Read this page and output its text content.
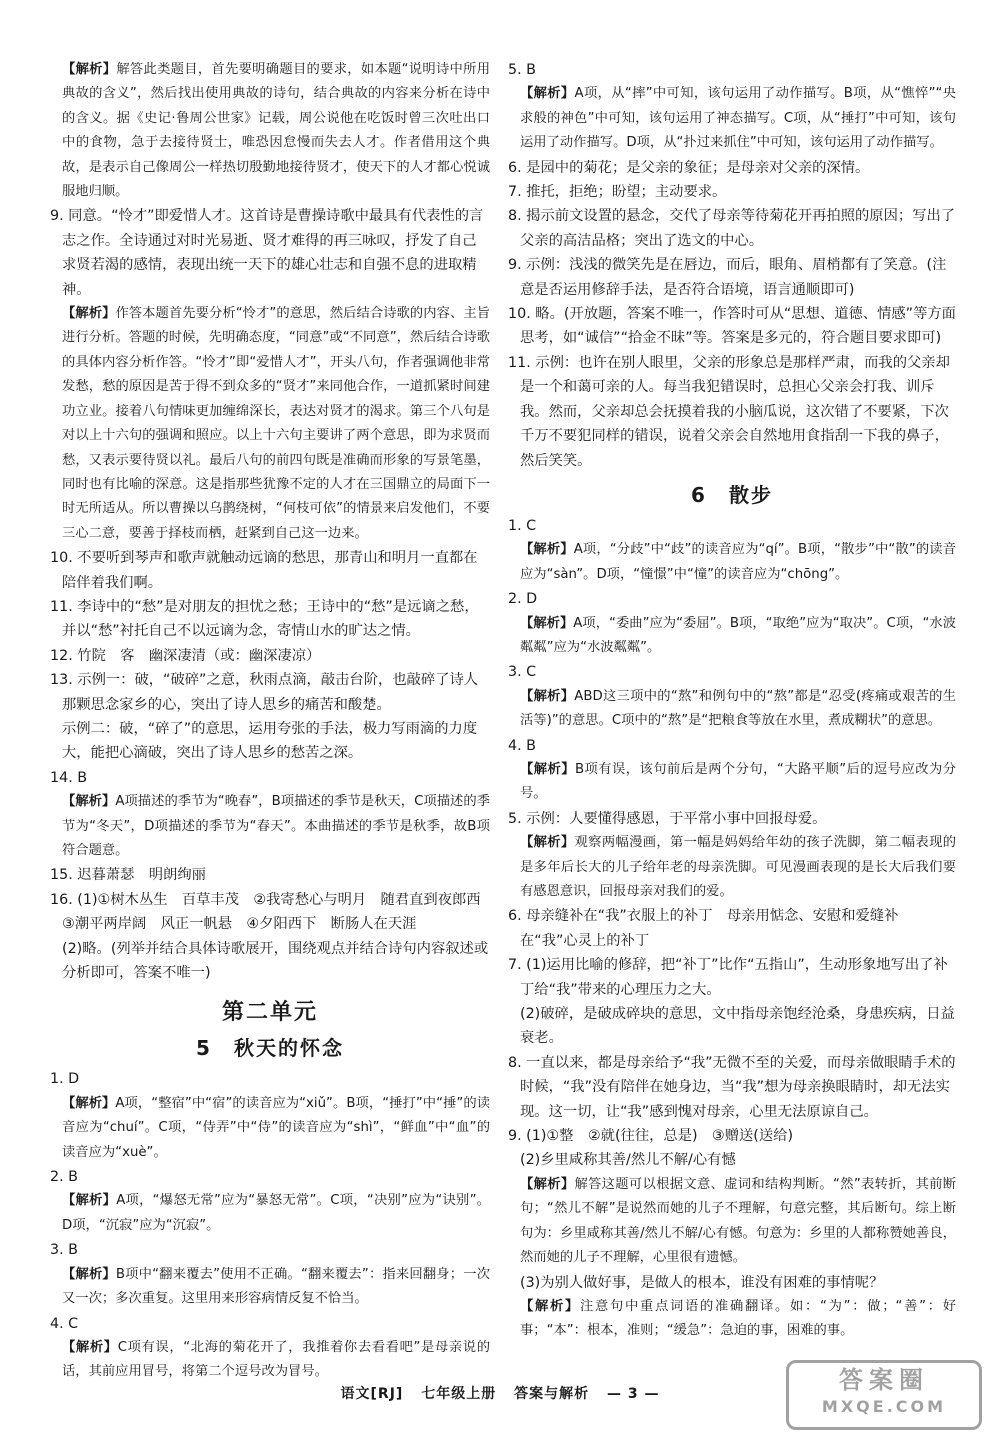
【解析】解答此类题目，首先要明确题目的要求，如本题“说明诗中所用典故的含义”，然后找出使用典故的诗句，结合典故的内容来分析在诗中的含义。据《史记·鲁周公世家》记载，周公说他在吃饭时曾三次吐出口中的食物，急于去接待贤士，唯恐因怠慢而失去人才。作者借用这个典故，是表示自己像周公一样热切殷勤地接待贤才，使天下的人才都心悦诚服地归顺。

9. 同意。“怜才”即爱惜人才。这首诗是曹操诗歌中最具有代表性的言志之作。全诗通过对时光易逝、贤才难得的再三咏叹，抒发了自己求贤若渴的感情，表现出统一天下的雄心壮志和自强不息的进取精神。

【解析】作答本题首先要分析“怜才”的意思，然后结合诗歌的内容、主旨进行分析。答题的时候，先明确态度，“同意”或“不同意”，然后结合诗歌的具体内容分析作答。“怜才”即“爱惜人才”，开头八句，作者强调他非常发愁，愁的原因是苦于得不到众多的“贤才”来同他合作，一道抓紧时间建功立业。接着八句情味更加缠绵深长，表达对贤才的渴求。第三个八句是对以上十六句的强调和照应。以上十六句主要讲了两个意思，即为求贤而愁，又表示要待贤以礼。最后八句的前四句既是准确而形象的写景笔墨，同时也有比喻的深意。这是指那些犹豫不定的人才在三国鼎立的局面下一时无所适从。所以曹操以乌鹊绕树，“何枝可依”的情景来启发他们，不要三心二意，要善于择枝而栖，赶紧到自己这一边来。

10. 不要听到琴声和歌声就触动远谪的愁思，那青山和明月一直都在陪伴着我们啊。

11. 李诗中的“愁”是对朋友的担忧之愁；王诗中的“愁”是远谪之愁，并以“愁”衬托自己不以远谪为念，寄情山水的旷达之情。

12. 竹院　客　幽深凄清（或：幽深凄凉）

13. 示例一：破，“破碎”之意，秋雨点滴，敲击台阶，也敲碎了诗人那颗思念家乡的心，突出了诗人思乡的痛苦和酸楚。

示例二：破，“碎了”的意思，运用夸张的手法，极力写雨滴的力度大，能把心滴破，突出了诗人思乡的愁苦之深。

14. B

【解析】A项描述的季节为“晚春”，B项描述的季节是秋天，C项描述的季节为“冬天”，D项描述的季节为“春天”。本曲描述的季节是秋季，故B项符合题意。

15. 迟暮萧瑟　明朗绚丽

16. (1)①树木丛生　百草丰茂　②我寄愁心与明月　随君直到夜郎西

③潮平两岸阔　风正一帆悬　④夕阳西下　断肠人在天涯

(2)略。(列举并结合具体诗歌展开，围绕观点并结合诗句内容叙述或分析即可，答案不唯一)

第二单元

5　秋天的怀念

1. D

【解析】A项，“整宿”中“宿”的读音应为“xiǔ”。B项，“捶打”中“捶”的读音应为“chuí”。C项，“侍弄”中“侍”的读音应为“shì”，“鲜血”中“血”的读音应为“xuè”。

2. B

【解析】A项，“爆怒无常”应为“暴怒无常”。C项，“决别”应为“诀别”。D项，“沉寂”应为“沉寂”。

3. B

【解析】B项中“翻来覆去”使用不正确。“翻来覆去”：指来回翻身；一次又一次；多次重复。这里用来形容病情反复不恰当。

4. C

【解析】C项有误，“北海的菊花开了，我推着你去看看吧”是母亲说的话，其前应用冒号，将第二个逗号改为冒号。

5. B

【解析】A项，从“摔”中可知，该句运用了动作描写。B项，从“憔悴”“央求般的神色”中可知，该句运用了神态描写。C项，从“捶打”中可知，该句运用了动作描写。D项，从“扑过来抓住”中可知，该句运用了动作描写。

6. 是园中的菊花；是父亲的象征；是母亲对父亲的深情。

7. 推托，拒绝；盼望；主动要求。

8. 揭示前文设置的悬念，交代了母亲等待菊花开再拍照的原因；写出了父亲的高洁品格；突出了选文的中心。

9. 示例：浅浅的微笑先是在唇边，而后，眼角、眉梢都有了笑意。(注意是否运用修辞手法，是否符合语境，语言通顺即可)

10. 略。(开放题，答案不唯一，作答时可从“思想、道德、情感”等方面思考，如“诚信”“拾金不昧”等。答案是多元的，符合题目要求即可)

11. 示例：也许在别人眼里，父亲的形象总是那样严肃，而我的父亲却是一个和蔼可亲的人。每当我犯错误时，总担心父亲会打我、训斥我。然而，父亲却总会抚摸着我的小脑瓜说，这次错了不要紧，下次千万不要犯同样的错误，说着父亲会自然地用食指刮一下我的鼻子，然后笑笑。

6　散步

1. C

【解析】A项，“分歧”中“歧”的读音应为“qí”。B项，“散步”中“散”的读音应为“sàn”。D项，“憧憬”中“憧”的读音应为“chōng”。

2. D

【解析】A项，“委曲”应为“委屈”。B项，“取绝”应为“取决”。C项，“水波粼粼”应为“水波粼粼”。

3. C

【解析】ABD这三项中的“熬”和例句中的“熬”都是“忍受(疼痛或艰苦的生活等)”的意思。C项中的“熬”是“把粮食等放在水里，煮成糊状”的意思。

4. B

【解析】B项有误，该句前后是两个分句，“大路平顺”后的逗号应改为分号。

5. 示例：人要懂得感恩，于平常小事中回报母爱。

【解析】观察两幅漫画，第一幅是妈妈给年幼的孩子洗脚，第二幅表现的是多年后长大的儿子给年老的母亲洗脚。可见漫画表现的是长大后我们要有感恩意识，回报母亲对我们的爱。

6. 母亲缝补在“我”衣服上的补丁　母亲用惦念、安慰和爱缝补在“我”心灵上的补丁

7. (1)运用比喻的修辞，把“补丁”比作“五指山”，生动形象地写出了补丁给“我”带来的心理压力之大。

(2)破碎，是破成碎块的意思，文中指母亲饱经沧桑，身患疾病，日益衰老。

8. 一直以来，都是母亲给予“我”无微不至的关爱，而母亲做眼睛手术的时候，“我”没有陪伴在她身边，当“我”想为母亲换眼睛时，却无法实现。这一切，让“我”感到愧对母亲，心里无法原谅自己。

9. (1)①整　②就(往往，总是)　③赠送(送给)

(2)乡里咸称其善/然儿不解/心有憾

【解析】解答这题可以根据文意、虚词和结构判断。“然”表转折，其前断句；“然儿不解”是说然而她的儿子不理解，句意完整，其后断句。综上断句为：乡里咸称其善/然儿不解/心有憾。句意为：乡里的人都称赞她善良，然而她的儿子不理解，心里很有遗憾。

(3)为别人做好事，是做人的根本，谁没有困难的事情呢？

【解析】注意句中重点词语的准确翻译。如：“为”：做；“善”：好事；“本”：根本，准则；“缓急”：急迫的事，困难的事。

语文[RJ] 七年级上册 答案与解析 — 3 —	答案圈
MXQE.COM
